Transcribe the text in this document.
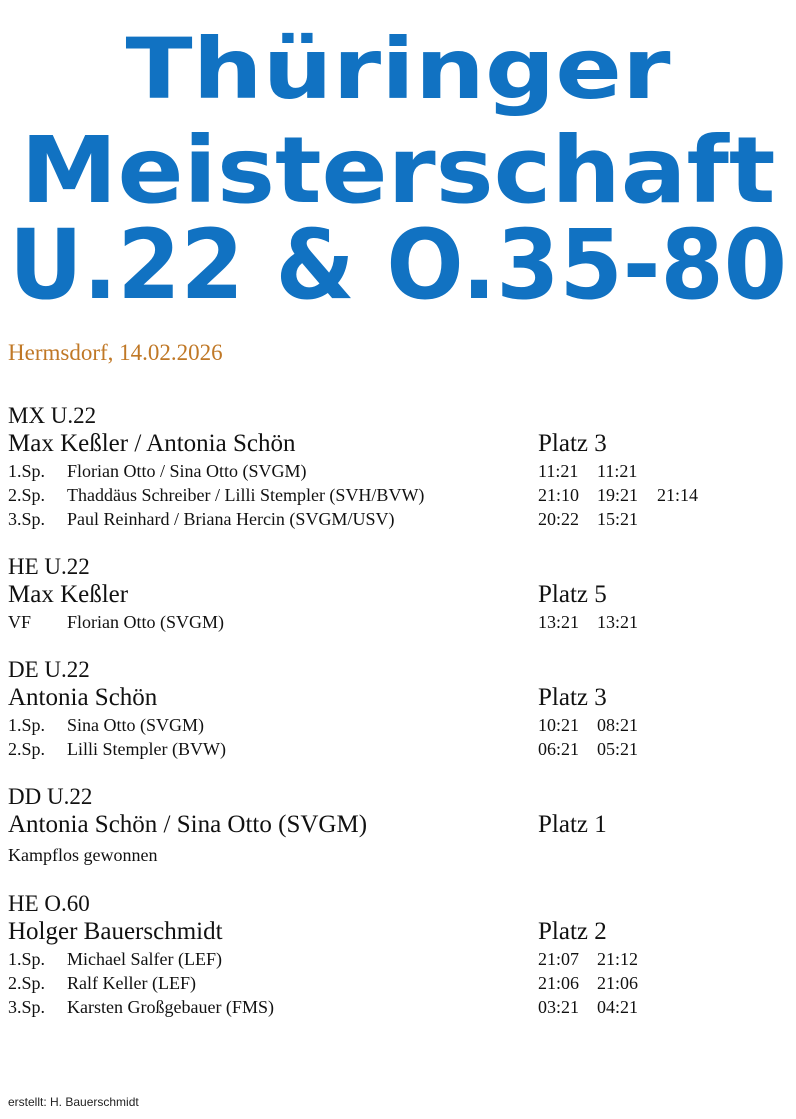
Thüringer
Meisterschaft
U.22 & O.35-80
Hermsdorf, 14.02.2026
MX U.22
Max Keßler / Antonia Schön	Platz 3
1.Sp. Florian Otto / Sina Otto (SVGM)	11:21 11:21
2.Sp. Thaddäus Schreiber / Lilli Stempler (SVH/BVW)	21:10 19:21 21:14
3.Sp. Paul Reinhard / Briana Hercin (SVGM/USV)	20:22 15:21
HE U.22
Max Keßler	Platz 5
VF Florian Otto (SVGM)	13:21 13:21
DE U.22
Antonia Schön	Platz 3
1.Sp. Sina Otto (SVGM)	10:21 08:21
2.Sp. Lilli Stempler (BVW)	06:21 05:21
DD U.22
Antonia Schön / Sina Otto (SVGM)	Platz 1
Kampflos gewonnen
HE O.60
Holger Bauerschmidt	Platz 2
1.Sp. Michael Salfer (LEF)	21:07 21:12
2.Sp. Ralf Keller (LEF)	21:06 21:06
3.Sp. Karsten Großgebauer (FMS)	03:21 04:21
erstellt: H. Bauerschmidt
